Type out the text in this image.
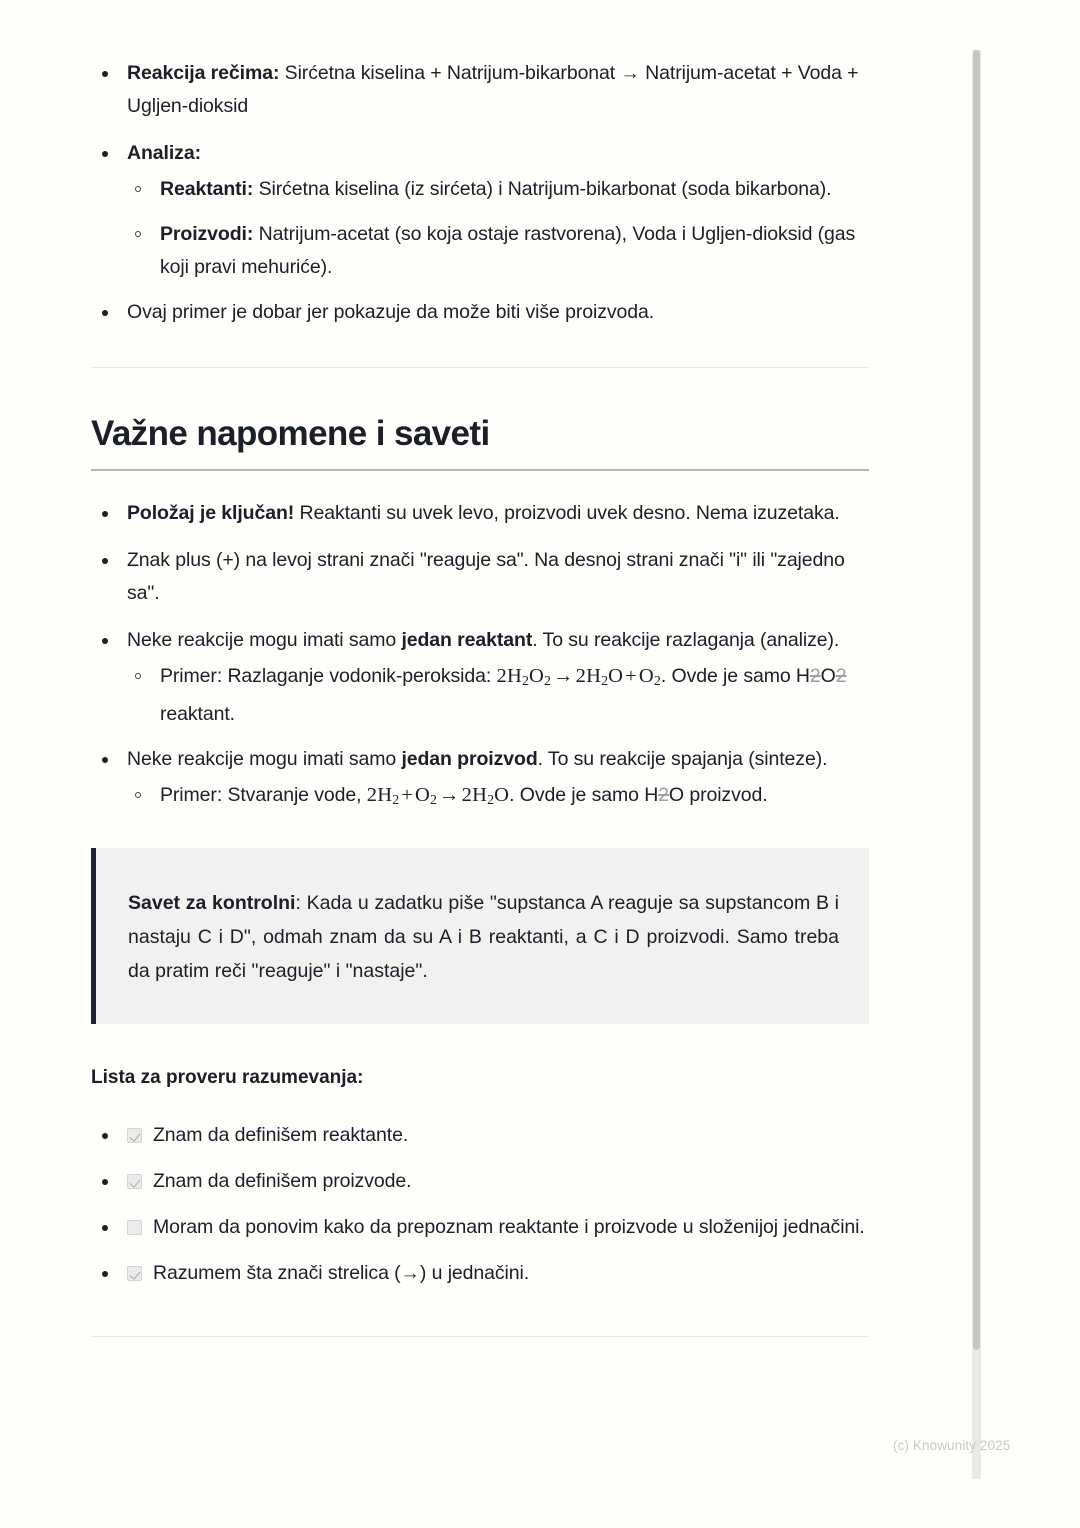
Reakcija rečima: Sirćetna kiselina + Natrijum-bikarbonat → Natrijum-acetat + Voda + Ugljen-dioksid
Analiza:
Reaktanti: Sirćetna kiselina (iz sirćeta) i Natrijum-bikarbonat (soda bikarbona).
Proizvodi: Natrijum-acetat (so koja ostaje rastvorena), Voda i Ugljen-dioksid (gas koji pravi mehuriće).
Ovaj primer je dobar jer pokazuje da može biti više proizvoda.
Važne napomene i saveti
Položaj je ključan! Reaktanti su uvek levo, proizvodi uvek desno. Nema izuzetaka.
Znak plus (+) na levoj strani znači "reaguje sa". Na desnoj strani znači "i" ili "zajedno sa".
Neke reakcije mogu imati samo jedan reaktant. To su reakcije razlaganja (analize).
Primer: Razlaganje vodonik-peroksida: $2H_2O_2\to 2H_2O+O_2$. Ovde je samo H2O2 reaktant.
Neke reakcije mogu imati samo jedan proizvod. To su reakcije spajanja (sinteze).
Primer: Stvaranje vode, $2H_2+O_2\to 2H_2O$. Ovde je samo H2O proizvod.

Savet za kontrolni: Kada u zadatku piše "supstanca A reaguje sa supstancom B i nastaju C i D", odmah znam da su A i B reaktanti, a C i D proizvodi. Samo treba da pratim reči "reaguje" i "nastaje".

Lista za proveru razumevanja:

Znam da definišem reaktante.
Znam da definišem proizvode.
Moram da ponovim kako da prepoznam reaktante i proizvode u složenijoj jednačini.
Razumem šta znači strelica (→) u jednačini.
(c) Knowunity 2025
